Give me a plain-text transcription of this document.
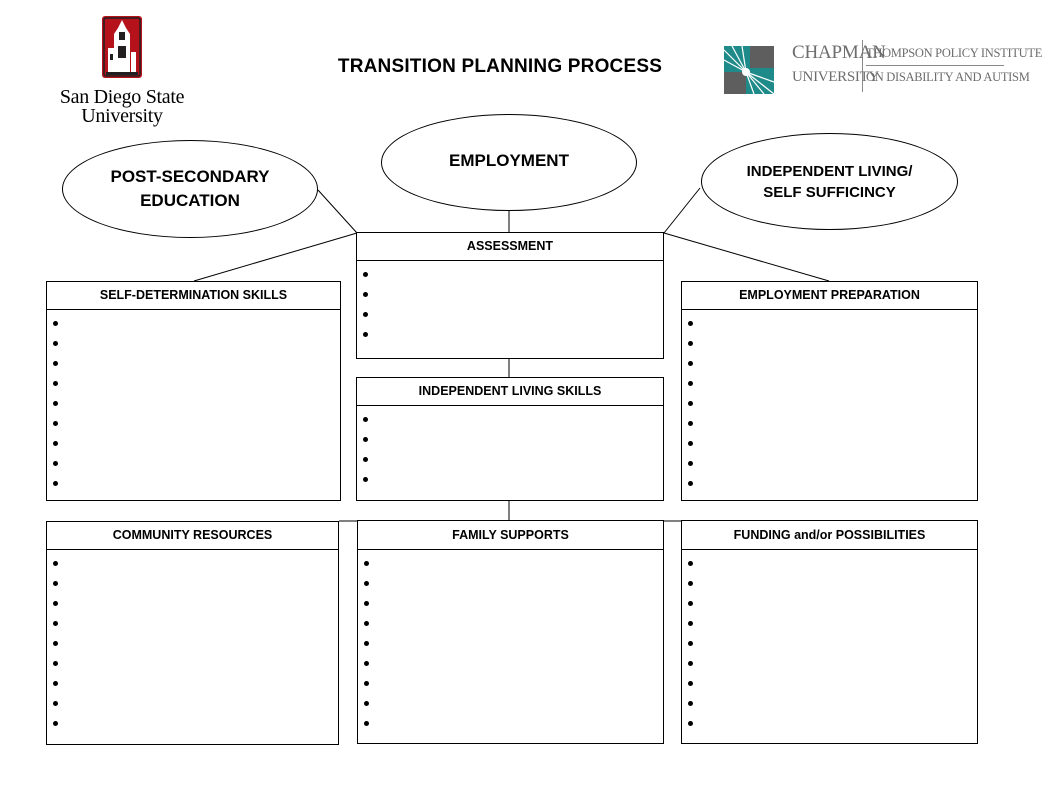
San Diego State
University
TRANSITION PLANNING PROCESS
CHAPMAN
UNIVERSITY
THOMPSON POLICY INSTITUTE
ON DISABILITY AND AUTISM
POST-SECONDARY
EDUCATION
EMPLOYMENT
INDEPENDENT LIVING/
SELF SUFFICINCY
ASSESSMENT
SELF-DETERMINATION SKILLS	EMPLOYMENT PREPARATION
INDEPENDENT LIVING SKILLS
COMMUNITY RESOURCES	FAMILY SUPPORTS	FUNDING and/or POSSIBILITIES
